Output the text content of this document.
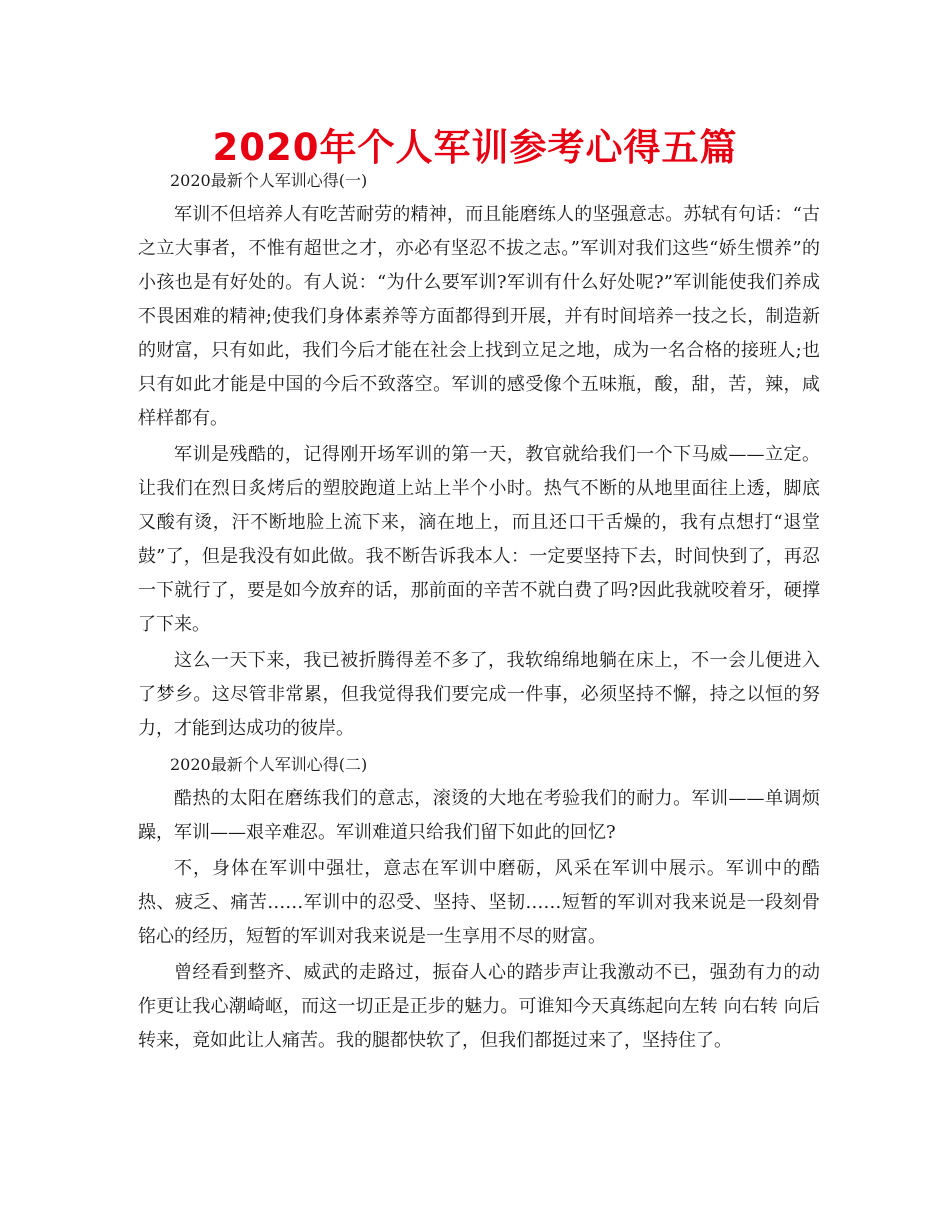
2020年个人军训参考心得五篇

2020最新个人军训心得(一)

军训不但培养人有吃苦耐劳的精神，而且能磨练人的坚强意志。苏轼有句话：“古之立大事者，不惟有超世之才，亦必有坚忍不拔之志。”军训对我们这些“娇生惯养”的小孩也是有好处的。有人说：“为什么要军训?军训有什么好处呢?”军训能使我们养成不畏困难的精神;使我们身体素养等方面都得到开展，并有时间培养一技之长，制造新的财富，只有如此，我们今后才能在社会上找到立足之地，成为一名合格的接班人;也只有如此才能是中国的今后不致落空。军训的感受像个五味瓶，酸，甜，苦，辣，咸样样都有。

军训是残酷的，记得刚开场军训的第一天，教官就给我们一个下马威——立定。让我们在烈日炙烤后的塑胶跑道上站上半个小时。热气不断的从地里面往上透，脚底又酸有烫，汗不断地脸上流下来，滴在地上，而且还口干舌燥的，我有点想打“退堂鼓”了，但是我没有如此做。我不断告诉我本人：一定要坚持下去，时间快到了，再忍一下就行了，要是如今放弃的话，那前面的辛苦不就白费了吗?因此我就咬着牙，硬撑了下来。

这么一天下来，我已被折腾得差不多了，我软绵绵地躺在床上，不一会儿便进入了梦乡。这尽管非常累，但我觉得我们要完成一件事，必须坚持不懈，持之以恒的努力，才能到达成功的彼岸。

2020最新个人军训心得(二)

酷热的太阳在磨练我们的意志，滚烫的大地在考验我们的耐力。军训——单调烦躁，军训——艰辛难忍。军训难道只给我们留下如此的回忆?

不，身体在军训中强壮，意志在军训中磨砺，风采在军训中展示。军训中的酷热、疲乏、痛苦……军训中的忍受、坚持、坚韧……短暂的军训对我来说是一段刻骨铭心的经历，短暂的军训对我来说是一生享用不尽的财富。

曾经看到整齐、威武的走路过，振奋人心的踏步声让我激动不已，强劲有力的动作更让我心潮崎岖，而这一切正是正步的魅力。可谁知今天真练起向左转 向右转 向后转来，竟如此让人痛苦。我的腿都快软了，但我们都挺过来了，坚持住了。
